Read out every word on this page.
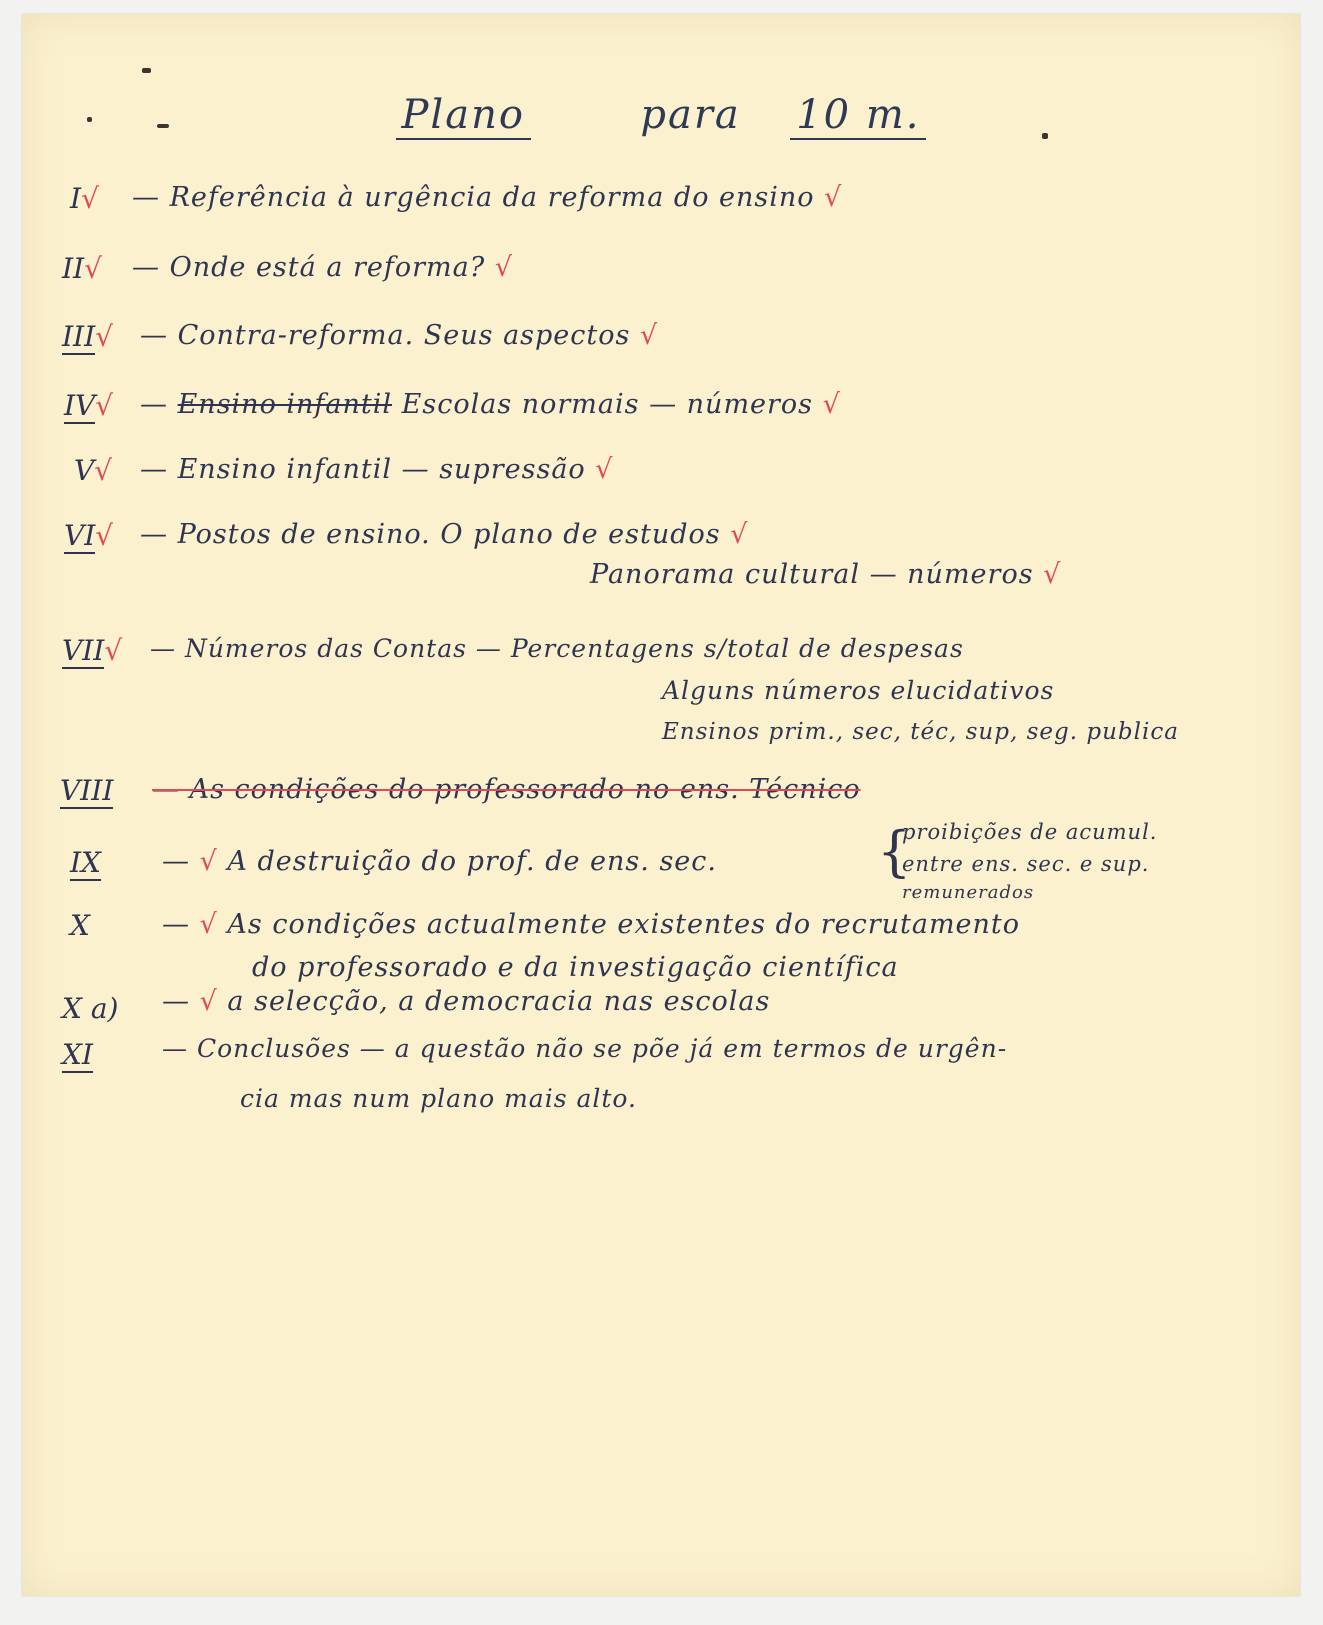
Plano	para 10 m.
I√ — Referência à urgência da reforma do ensino √
II√ — Onde está a reforma? √
III√ — Contra-reforma. Seus aspectos √
IV√ — Ensino infantil Escolas normais — números √
V√ — Ensino infantil — supressão √
VI√ — Postos de ensino. O plano de estudos √
Panorama cultural — números √
VII√ — Números das Contas — Percentagens s/total de despesas
Alguns números elucidativos
Ensinos prim., sec, téc, sup, seg. publica
VIII — As condições do professorado no ens. Técnico
IX — √ A destruição do prof. de ens. sec.	{
proibições de acumul.
entre ens. sec. e sup.
remunerados
X	— √ As condições actualmente existentes do recrutamento
do professorado e da investigação científica
X a) — √ a selecção, a democracia nas escolas
XI	— Conclusões — a questão não se põe já em termos de urgên-
cia mas num plano mais alto.
